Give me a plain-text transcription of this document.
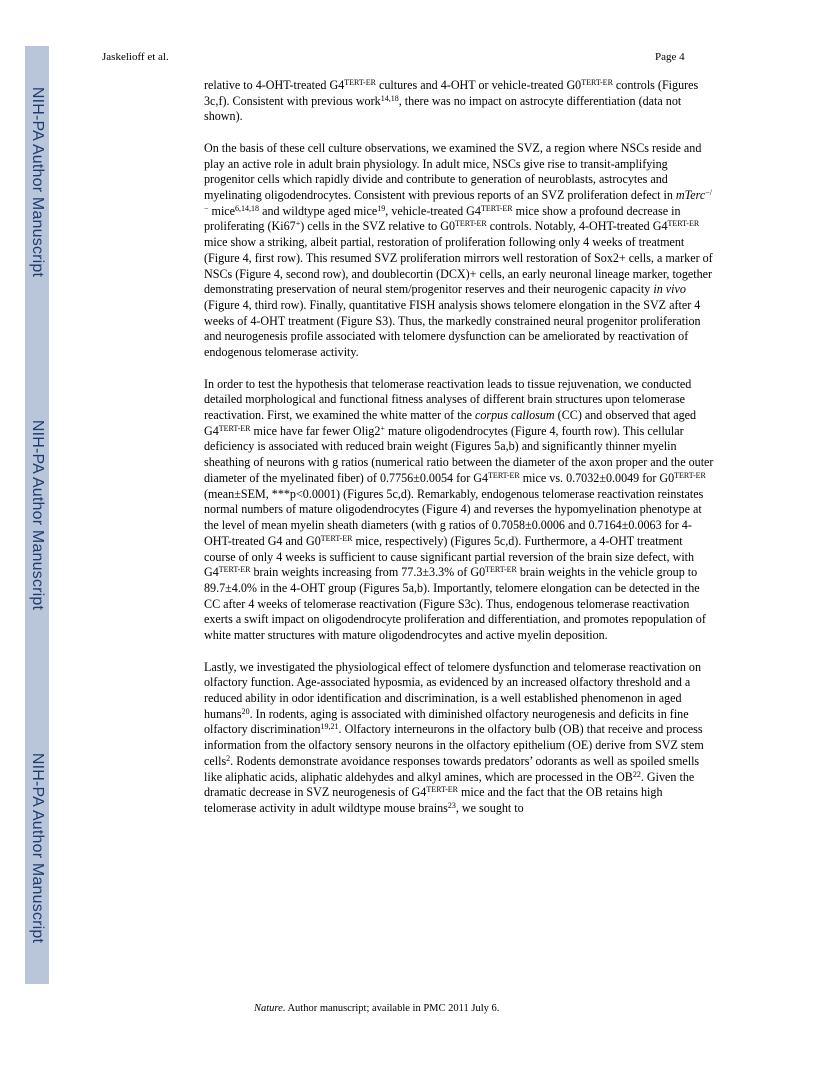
NIH-PA Author Manuscript
NIH-PA Author Manuscript
NIH-PA Author Manuscript
Jaskelioff et al.	Page 4

relative to 4-OHT-treated $G4^{TERT-ER}$ cultures and 4-OHT or vehicle-treated $G0^{TERT-ER}$ controls (Figures 3c,f). Consistent with previous work$^{14,18}$, there was no impact on astrocyte differentiation (data not shown).

On the basis of these cell culture observations, we examined the SVZ, a region where NSCs reside and play an active role in adult brain physiology. In adult mice, NSCs give rise to transit-amplifying progenitor cells which rapidly divide and contribute to generation of neuroblasts, astrocytes and myelinating oligodendrocytes. Consistent with previous reports of an SVZ proliferation defect in mTerc−/− mice$^{6,14,18}$ and wildtype aged mice$^{19}$, vehicle-treated $G4^{TERT-ER}$ mice show a profound decrease in proliferating (Ki67+) cells in the SVZ relative to $G0^{TERT-ER}$ controls. Notably, 4-OHT-treated $G4^{TERT-ER}$ mice show a striking, albeit partial, restoration of proliferation following only 4 weeks of treatment (Figure 4, first row). This resumed SVZ proliferation mirrors well restoration of Sox2+ cells, a marker of NSCs (Figure 4, second row), and doublecortin (DCX)+ cells, an early neuronal lineage marker, together demonstrating preservation of neural stem/progenitor reserves and their neurogenic capacity in vivo (Figure 4, third row). Finally, quantitative FISH analysis shows telomere elongation in the SVZ after 4 weeks of 4-OHT treatment (Figure S3). Thus, the markedly constrained neural progenitor proliferation and neurogenesis profile associated with telomere dysfunction can be ameliorated by reactivation of endogenous telomerase activity.

In order to test the hypothesis that telomerase reactivation leads to tissue rejuvenation, we conducted detailed morphological and functional fitness analyses of different brain structures upon telomerase reactivation. First, we examined the white matter of the corpus callosum (CC) and observed that aged $G4^{TERT-ER}$ mice have far fewer Olig2+ mature oligodendrocytes (Figure 4, fourth row). This cellular deficiency is associated with reduced brain weight (Figures 5a,b) and significantly thinner myelin sheathing of neurons with g ratios (numerical ratio between the diameter of the axon proper and the outer diameter of the myelinated fiber) of 0.7756±0.0054 for $G4^{TERT-ER}$ mice vs. 0.7032±0.0049 for $G0^{TERT-ER}$ (mean±SEM, ***p<0.0001) (Figures 5c,d). Remarkably, endogenous telomerase reactivation reinstates normal numbers of mature oligodendrocytes (Figure 4) and reverses the hypomyelination phenotype at the level of mean myelin sheath diameters (with g ratios of 0.7058±0.0006 and 0.7164±0.0063 for 4-OHT-treated G4 and $G0^{TERT-ER}$ mice, respectively) (Figures 5c,d). Furthermore, a 4-OHT treatment course of only 4 weeks is sufficient to cause significant partial reversion of the brain size defect, with $G4^{TERT-ER}$ brain weights increasing from 77.3±3.3% of $G0^{TERT-ER}$ brain weights in the vehicle group to 89.7±4.0% in the 4-OHT group (Figures 5a,b). Importantly, telomere elongation can be detected in the CC after 4 weeks of telomerase reactivation (Figure S3c). Thus, endogenous telomerase reactivation exerts a swift impact on oligodendrocyte proliferation and differentiation, and promotes repopulation of white matter structures with mature oligodendrocytes and active myelin deposition.

Lastly, we investigated the physiological effect of telomere dysfunction and telomerase reactivation on olfactory function. Age-associated hyposmia, as evidenced by an increased olfactory threshold and a reduced ability in odor identification and discrimination, is a well established phenomenon in aged humans$^{20}$. In rodents, aging is associated with diminished olfactory neurogenesis and deficits in fine olfactory discrimination$^{19,21}$. Olfactory interneurons in the olfactory bulb (OB) that receive and process information from the olfactory sensory neurons in the olfactory epithelium (OE) derive from SVZ stem cells$^2$. Rodents demonstrate avoidance responses towards predators’ odorants as well as spoiled smells like aliphatic acids, aliphatic aldehydes and alkyl amines, which are processed in the OB$^{22}$. Given the dramatic decrease in SVZ neurogenesis of $G4^{TERT-ER}$ mice and the fact that the OB retains high telomerase activity in adult wildtype mouse brains$^{23}$, we sought to

Nature. Author manuscript; available in PMC 2011 July 6.
